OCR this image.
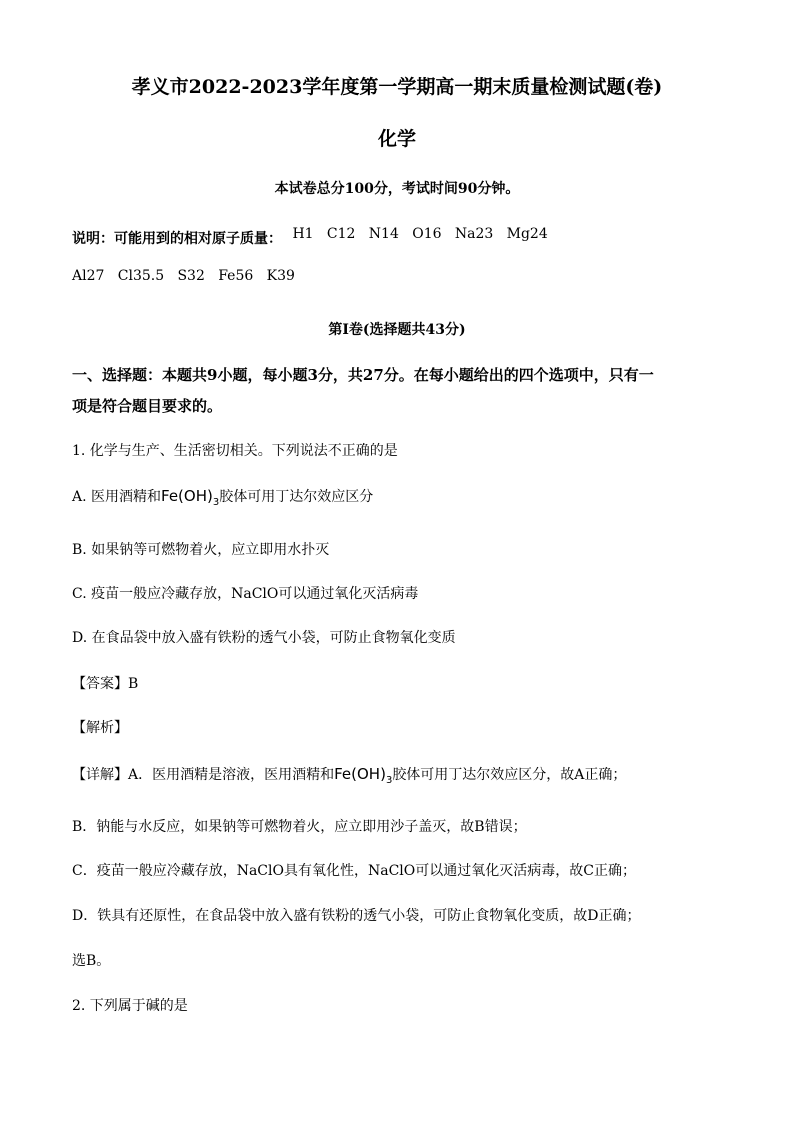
孝义市2022-2023学年度第一学期高一期末质量检测试题(卷)
化学
本试卷总分100分，考试时间90分钟。
说明：可能用到的相对原子质量： H1   C12   N14   O16   Na23   Mg24
Al27   Cl35.5   S32   Fe56   K39
第I卷(选择题共43分)
一、选择题：本题共9小题，每小题3分，共27分。在每小题给出的四个选项中，只有一
项是符合题目要求的。
1. 化学与生产、生活密切相关。下列说法不正确的是
A. 医用酒精和$Fe(OH)_3$胶体可用丁达尔效应区分
B. 如果钠等可燃物着火，应立即用水扑灭
C. 疫苗一般应冷藏存放，NaClO可以通过氧化灭活病毒
D. 在食品袋中放入盛有铁粉的透气小袋，可防止食物氧化变质
【答案】B
【解析】
【详解】A．医用酒精是溶液，医用酒精和$Fe(OH)_3$胶体可用丁达尔效应区分，故A正确；
B．钠能与水反应，如果钠等可燃物着火，应立即用沙子盖灭，故B错误；
C．疫苗一般应冷藏存放，NaClO具有氧化性，NaClO可以通过氧化灭活病毒，故C正确；
D．铁具有还原性，在食品袋中放入盛有铁粉的透气小袋，可防止食物氧化变质，故D正确；
选B。
2. 下列属于碱的是
